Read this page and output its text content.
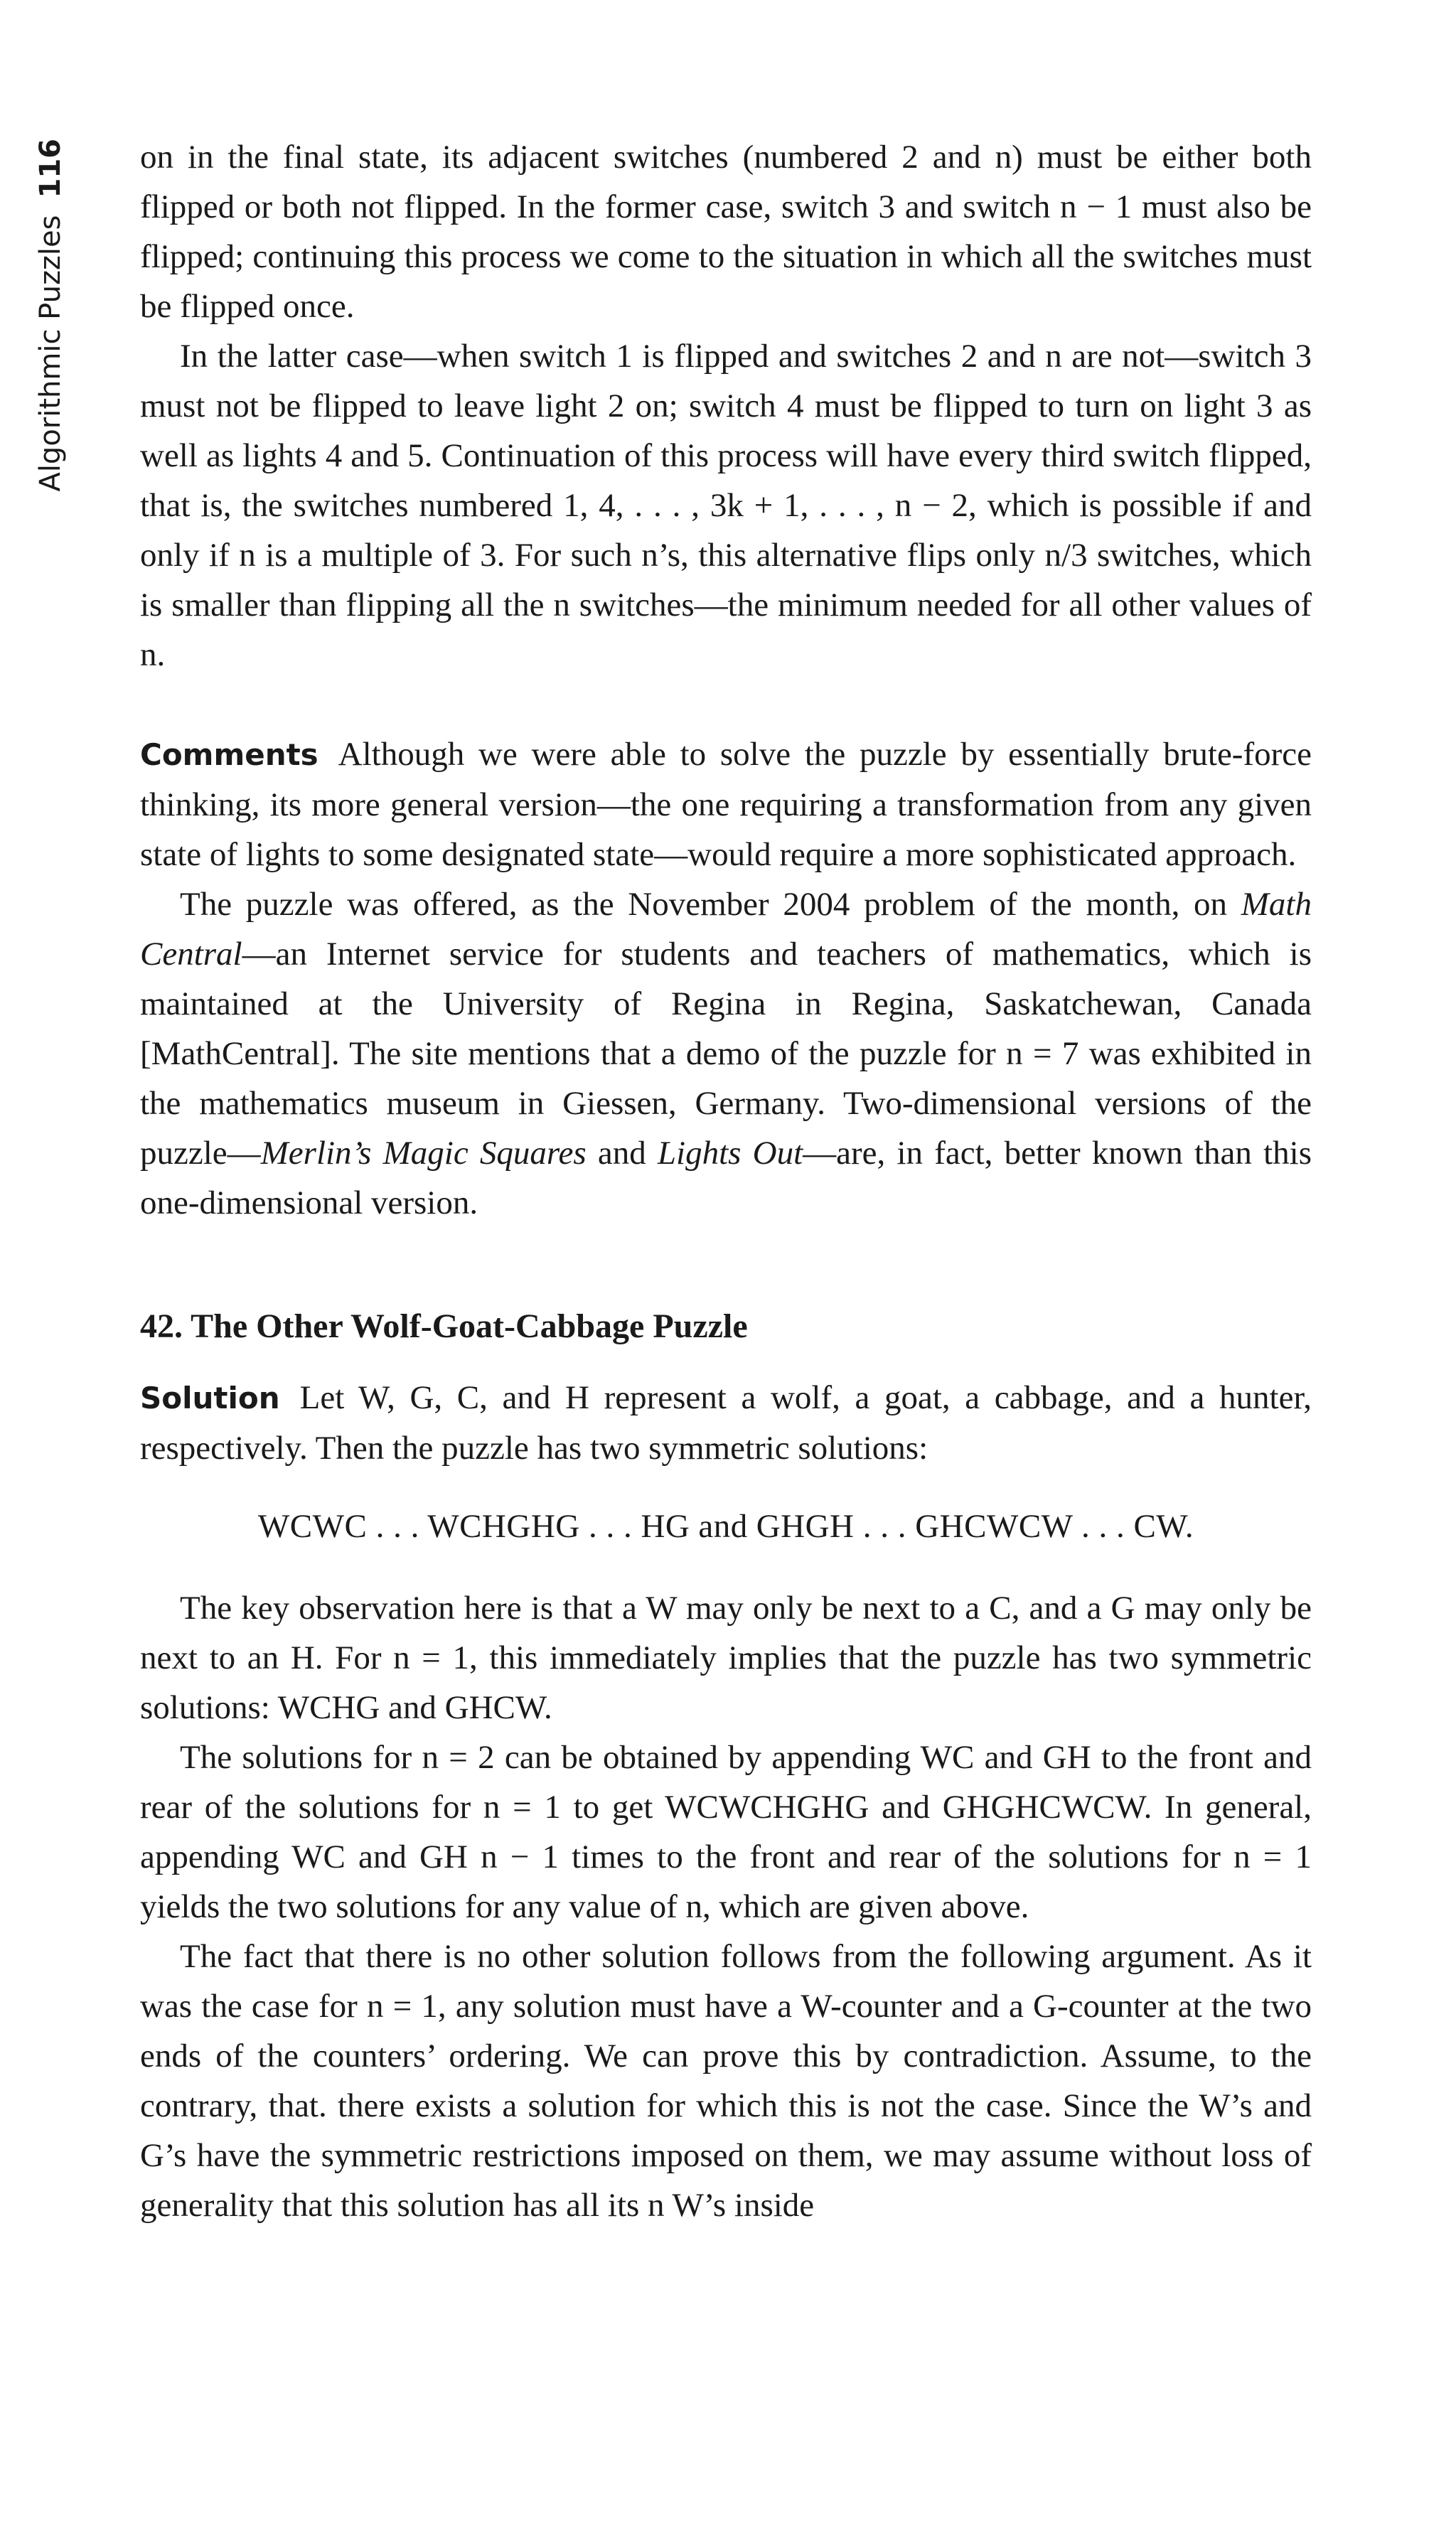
Algorithmic Puzzles116	on in the final state, its adjacent switches (numbered 2 and n) must be either both flipped or both not flipped. In the former case, switch 3 and switch n − 1 must also be flipped; continuing this process we come to the situation in which all the switches must be flipped once.

In the latter case—when switch 1 is flipped and switches 2 and n are not—switch 3 must not be flipped to leave light 2 on; switch 4 must be flipped to turn on light 3 as well as lights 4 and 5. Continuation of this process will have every third switch flipped, that is, the switches numbered 1, 4, . . . , 3k + 1, . . . , n − 2, which is possible if and only if n is a multiple of 3. For such n’s, this alternative flips only n/3 switches, which is smaller than flipping all the n switches—the minimum needed for all other values of n.

Comments Although we were able to solve the puzzle by essentially brute-force thinking, its more general version—the one requiring a transformation from any given state of lights to some designated state—would require a more sophisticated approach.

The puzzle was offered, as the November 2004 problem of the month, on Math Central—an Internet service for students and teachers of mathematics, which is maintained at the University of Regina in Regina, Saskatchewan, Canada [MathCentral]. The site mentions that a demo of the puzzle for n = 7 was exhibited in the mathematics museum in Giessen, Germany. Two-dimensional versions of the puzzle—Merlin’s Magic Squares and Lights Out—are, in fact, better known than this one-dimensional version.

42. The Other Wolf-Goat-Cabbage Puzzle

Solution Let W, G, C, and H represent a wolf, a goat, a cabbage, and a hunter, respectively. Then the puzzle has two symmetric solutions:

WCWC . . . WCHGHG . . . HG and GHGH . . . GHCWCW . . . CW.

The key observation here is that a W may only be next to a C, and a G may only be next to an H. For n = 1, this immediately implies that the puzzle has two symmetric solutions: WCHG and GHCW.

The solutions for n = 2 can be obtained by appending WC and GH to the front and rear of the solutions for n = 1 to get WCWCHGHG and GHGHCWCW. In general, appending WC and GH n − 1 times to the front and rear of the solutions for n = 1 yields the two solutions for any value of n, which are given above.

The fact that there is no other solution follows from the following argument. As it was the case for n = 1, any solution must have a W-counter and a G-counter at the two ends of the counters’ ordering. We can prove this by contradiction. Assume, to the contrary, that. there exists a solution for which this is not the case. Since the W’s and G’s have the symmetric restrictions imposed on them, we may assume without loss of generality that this solution has all its n W’s inside
